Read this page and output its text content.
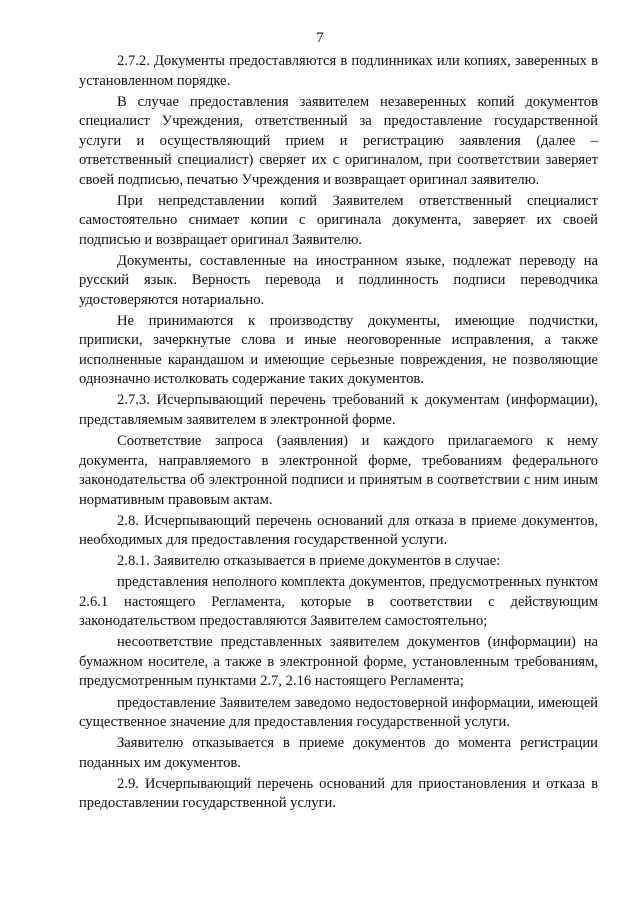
7

2.7.2. Документы предоставляются в подлинниках или копиях, заверенных в установленном порядке.

В случае предоставления заявителем незаверенных копий документов специалист Учреждения, ответственный за предоставление государственной услуги и осуществляющий прием и регистрацию заявления (далее – ответственный специалист) сверяет их с оригиналом, при соответствии заверяет своей подписью, печатью Учреждения и возвращает оригинал заявителю.

При непредставлении копий Заявителем ответственный специалист самостоятельно снимает копии с оригинала документа, заверяет их своей подписью и возвращает оригинал Заявителю.

Документы, составленные на иностранном языке, подлежат переводу на русский язык. Верность перевода и подлинность подписи переводчика удостоверяются нотариально.

Не принимаются к производству документы, имеющие подчистки, приписки, зачеркнутые слова и иные неоговоренные исправления, а также исполненные карандашом и имеющие серьезные повреждения, не позволяющие однозначно истолковать содержание таких документов.

2.7.3. Исчерпывающий перечень требований к документам (информации), представляемым заявителем в электронной форме.

Соответствие запроса (заявления) и каждого прилагаемого к нему документа, направляемого в электронной форме, требованиям федерального законодательства об электронной подписи и принятым в соответствии с ним иным нормативным правовым актам.

2.8. Исчерпывающий перечень оснований для отказа в приеме документов, необходимых для предоставления государственной услуги.

2.8.1. Заявителю отказывается в приеме документов в случае:

представления неполного комплекта документов, предусмотренных пунктом 2.6.1 настоящего Регламента, которые в соответствии с действующим законодательством предоставляются Заявителем самостоятельно;

несоответствие представленных заявителем документов (информации) на бумажном носителе, а также в электронной форме, установленным требованиям, предусмотренным пунктами 2.7, 2.16 настоящего Регламента;

предоставление Заявителем заведомо недостоверной информации, имеющей существенное значение для предоставления государственной услуги.

Заявителю отказывается в приеме документов до момента регистрации поданных им документов.

2.9. Исчерпывающий перечень оснований для приостановления и отказа в предоставлении государственной услуги.
